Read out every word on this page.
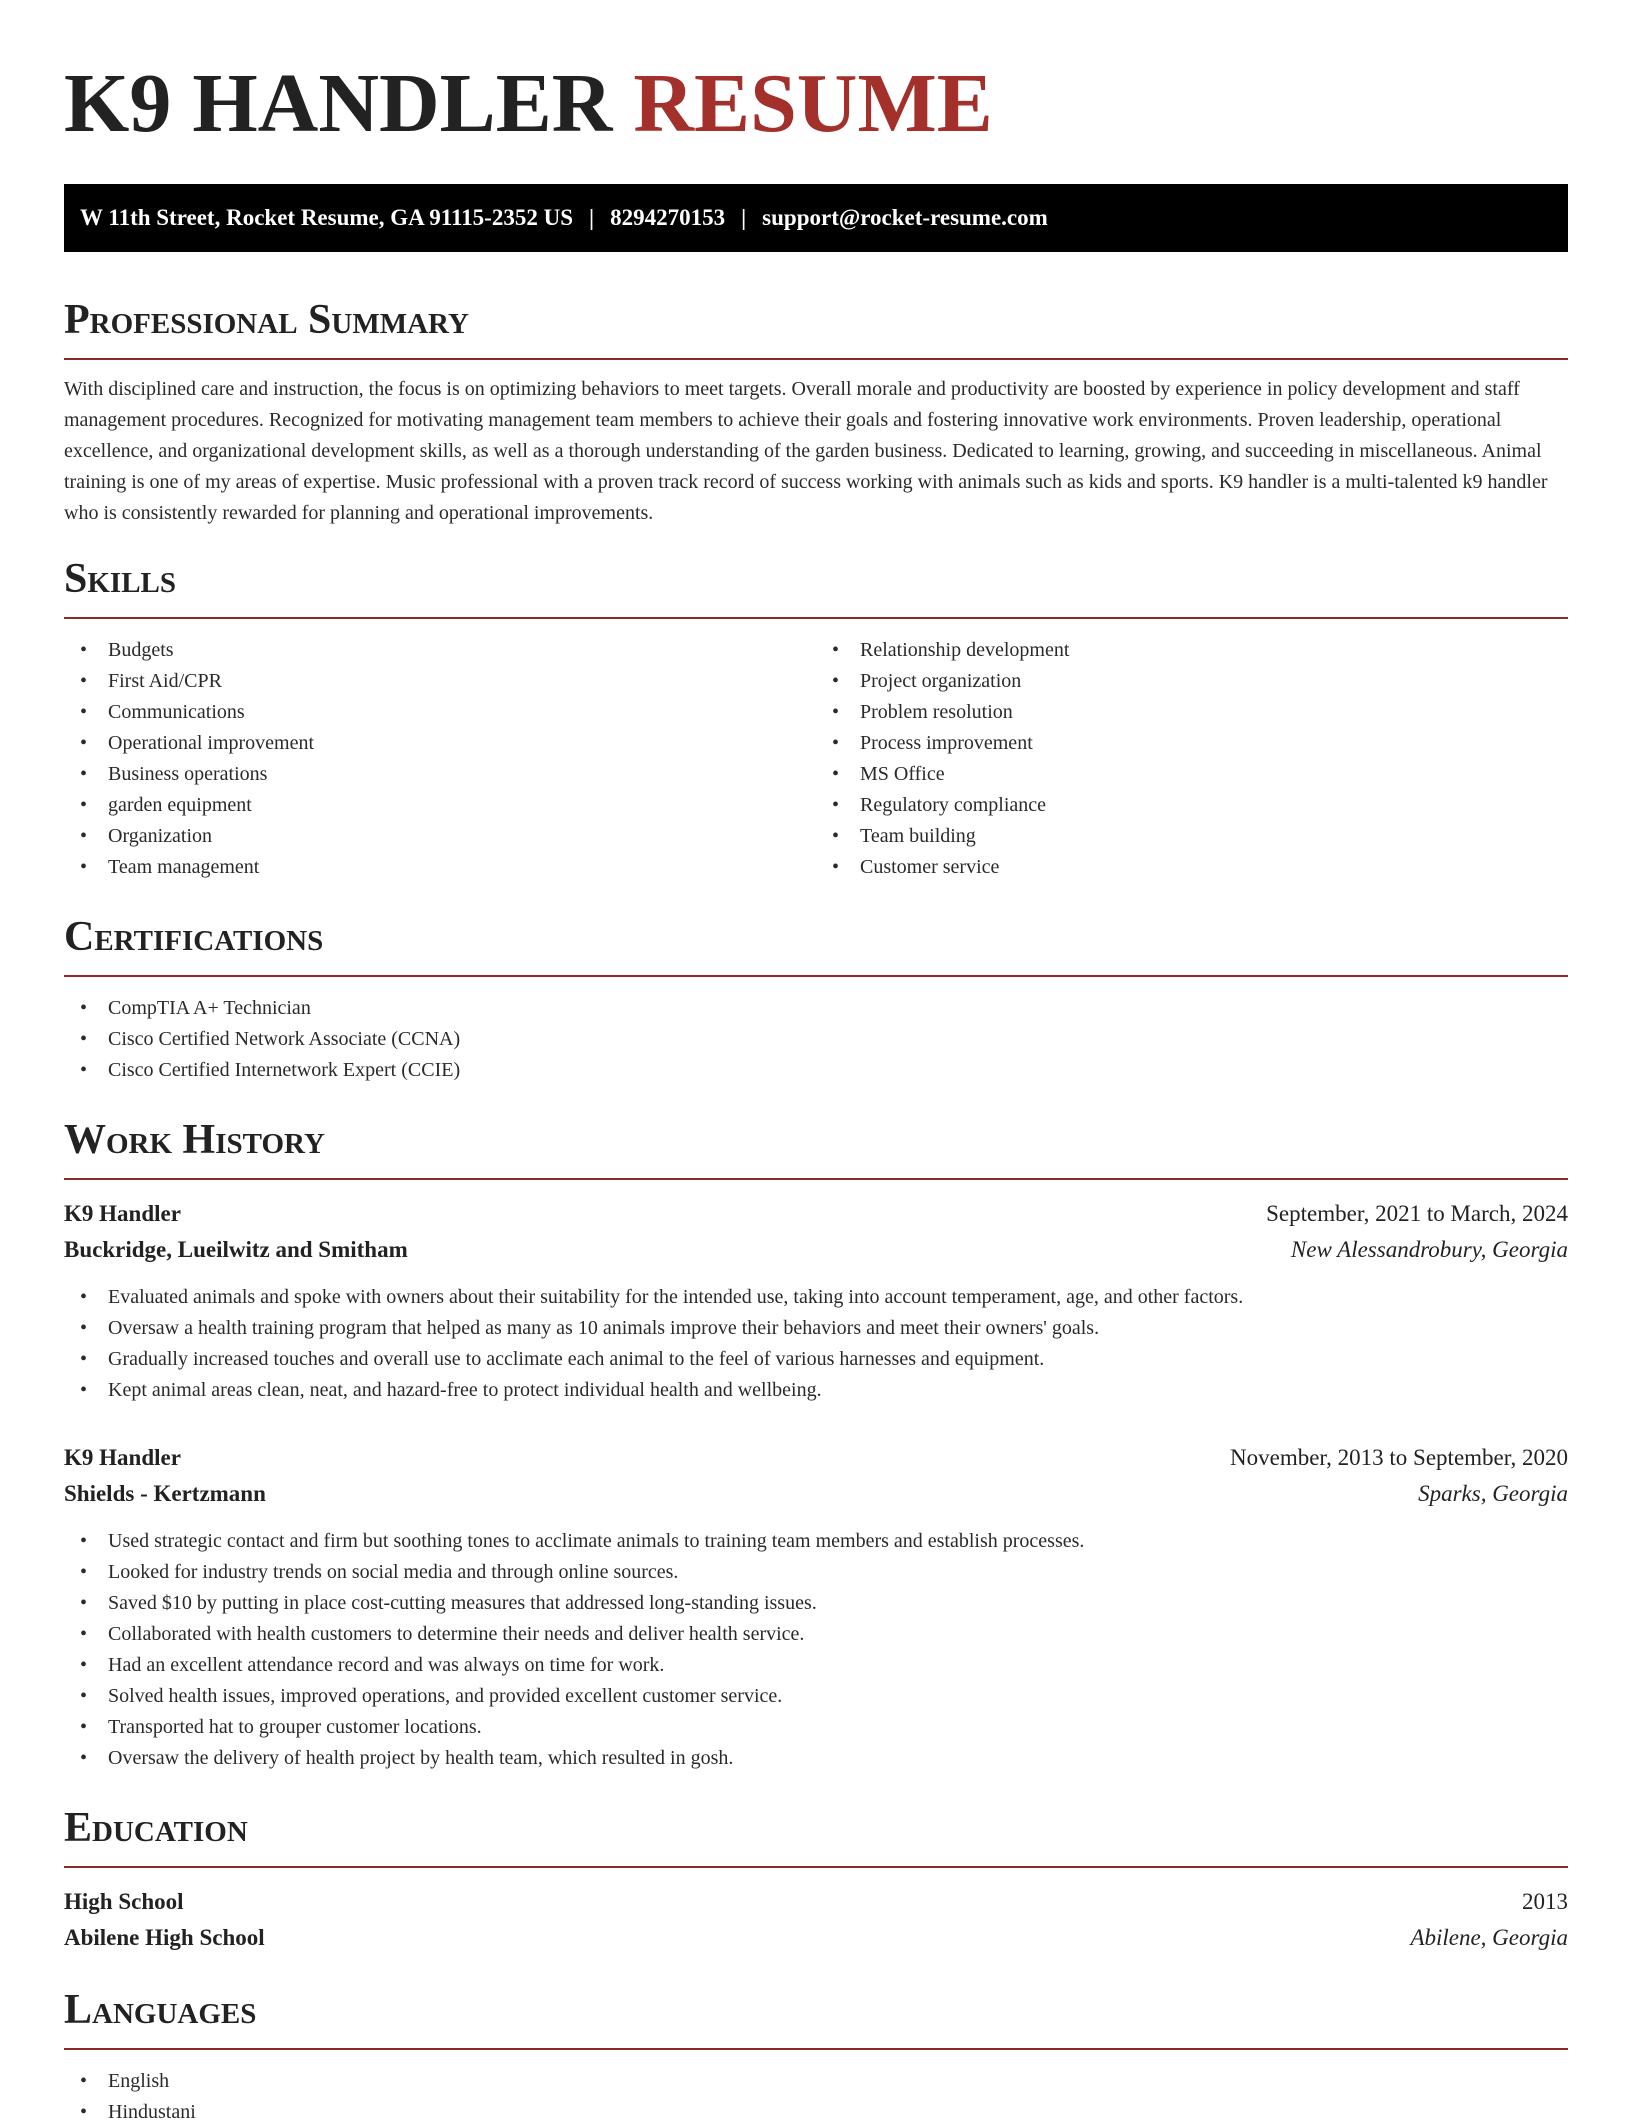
K9 HANDLER RESUME
W 11th Street, Rocket Resume, GA 91115-2352 US | 8294270153 | support@rocket-resume.com
Professional Summary

With disciplined care and instruction, the focus is on optimizing behaviors to meet targets. Overall morale and productivity are boosted by experience in policy development and staff management procedures. Recognized for motivating management team members to achieve their goals and fostering innovative work environments. Proven leadership, operational excellence, and organizational development skills, as well as a thorough understanding of the garden business. Dedicated to learning, growing, and succeeding in miscellaneous. Animal training is one of my areas of expertise. Music professional with a proven track record of success working with animals such as kids and sports. K9 handler is a multi-talented k9 handler who is consistently rewarded for planning and operational improvements.

Skills
• Budgets
• First Aid/CPR
• Communications
• Operational improvement
• Business operations
• garden equipment
• Organization
• Team management
• Relationship development
• Project organization
• Problem resolution
• Process improvement
• MS Office
• Regulatory compliance
• Team building
• Customer service
Certifications
• CompTIA A+ Technician
• Cisco Certified Network Associate (CCNA)
• Cisco Certified Internetwork Expert (CCIE)
Work History
K9 Handler	September, 2021 to March, 2024
Buckridge, Lueilwitz and Smitham	New Alessandrobury, Georgia
• Evaluated animals and spoke with owners about their suitability for the intended use, taking into account temperament, age, and other factors.
• Oversaw a health training program that helped as many as 10 animals improve their behaviors and meet their owners' goals.
• Gradually increased touches and overall use to acclimate each animal to the feel of various harnesses and equipment.
• Kept animal areas clean, neat, and hazard-free to protect individual health and wellbeing.
K9 Handler	November, 2013 to September, 2020
Shields - Kertzmann	Sparks, Georgia
• Used strategic contact and firm but soothing tones to acclimate animals to training team members and establish processes.
• Looked for industry trends on social media and through online sources.
• Saved $10 by putting in place cost-cutting measures that addressed long-standing issues.
• Collaborated with health customers to determine their needs and deliver health service.
• Had an excellent attendance record and was always on time for work.
• Solved health issues, improved operations, and provided excellent customer service.
• Transported hat to grouper customer locations.
• Oversaw the delivery of health project by health team, which resulted in gosh.
Education
High School	2013
Abilene High School	Abilene, Georgia
Languages
• English
• Hindustani
